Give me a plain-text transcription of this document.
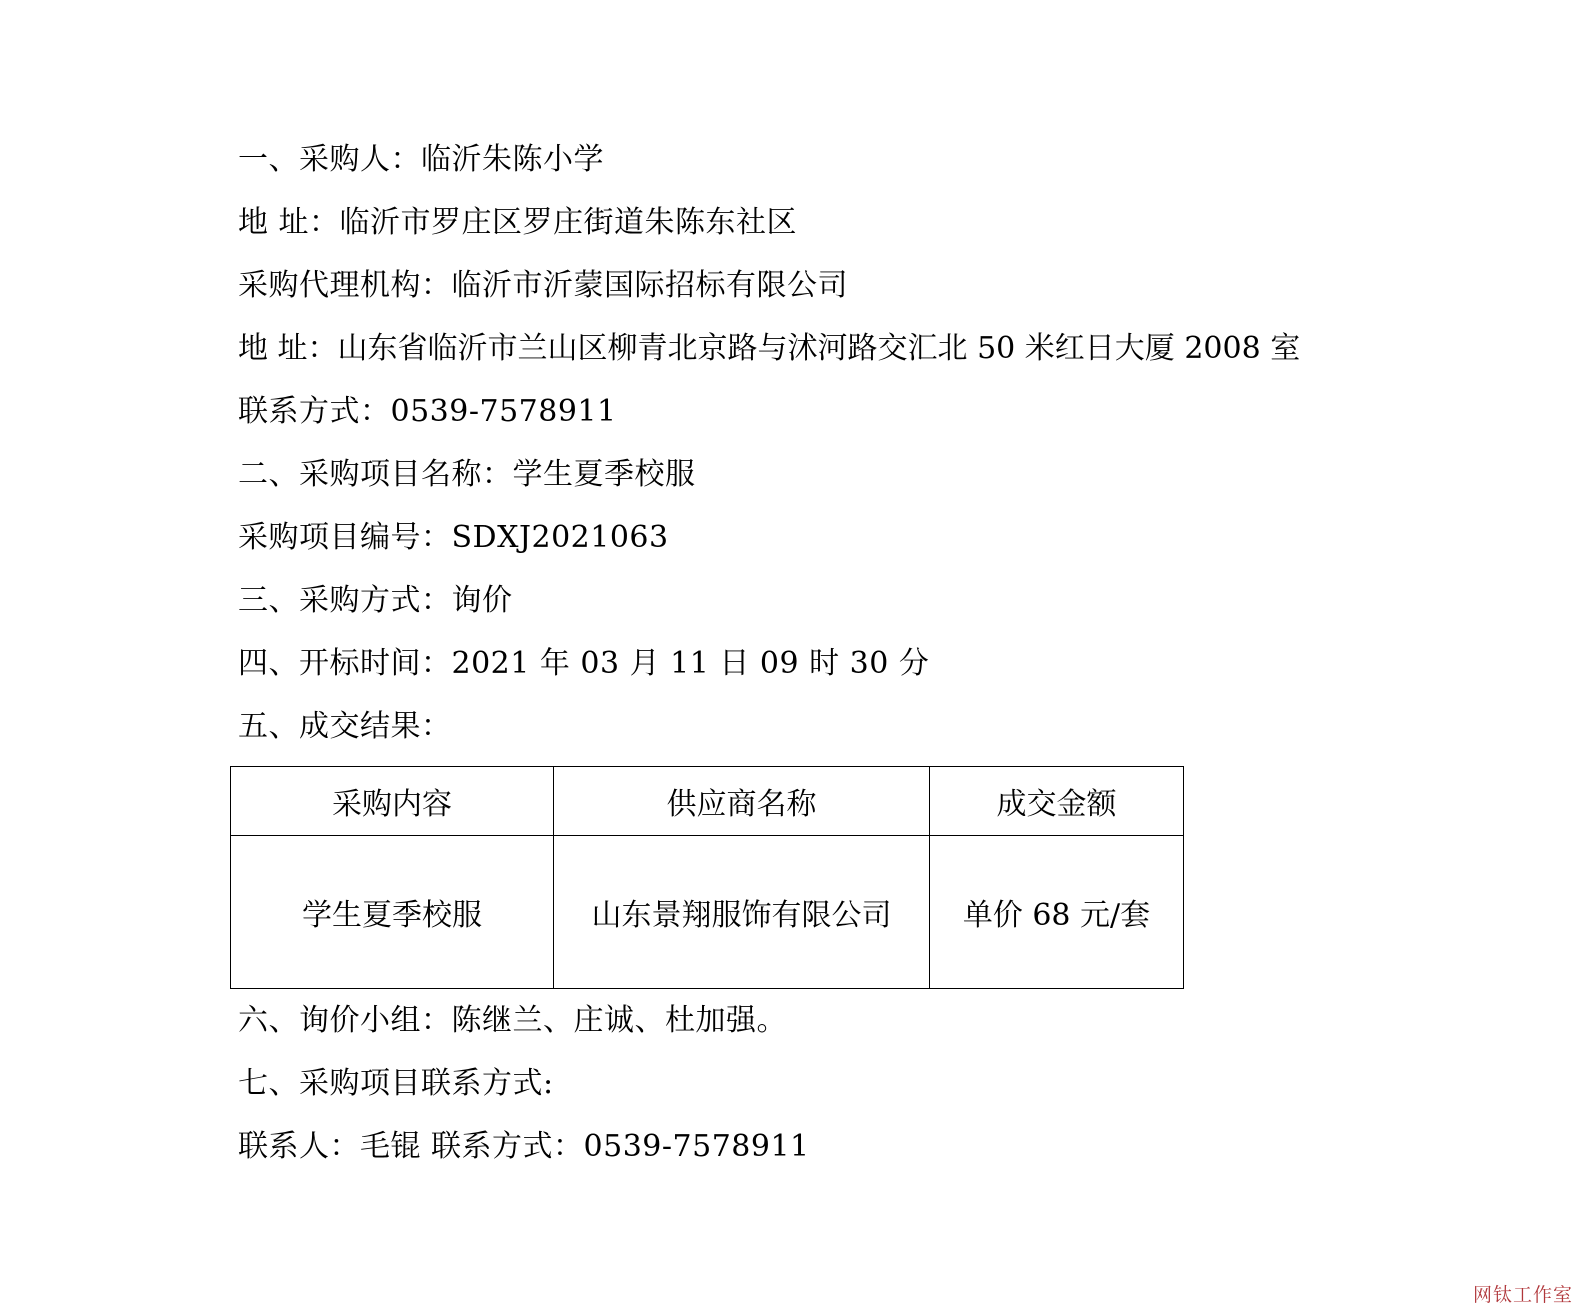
一、采购人：临沂朱陈小学
地 址：临沂市罗庄区罗庄街道朱陈东社区
采购代理机构：临沂市沂蒙国际招标有限公司
地 址：山东省临沂市兰山区柳青北京路与沭河路交汇北 50 米红日大厦 2008 室
联系方式：0539-7578911
二、采购项目名称：学生夏季校服
采购项目编号：SDXJ2021063
三、采购方式：询价
四、开标时间：2021 年 03 月 11 日 09 时 30 分
五、成交结果：
采购内容	供应商名称	成交金额
学生夏季校服	山东景翔服饰有限公司	单价 68 元/套
六、询价小组：陈继兰、庄诚、杜加强。
七、采购项目联系方式:
联系人：毛锟 联系方式：0539-7578911
网钛工作室
